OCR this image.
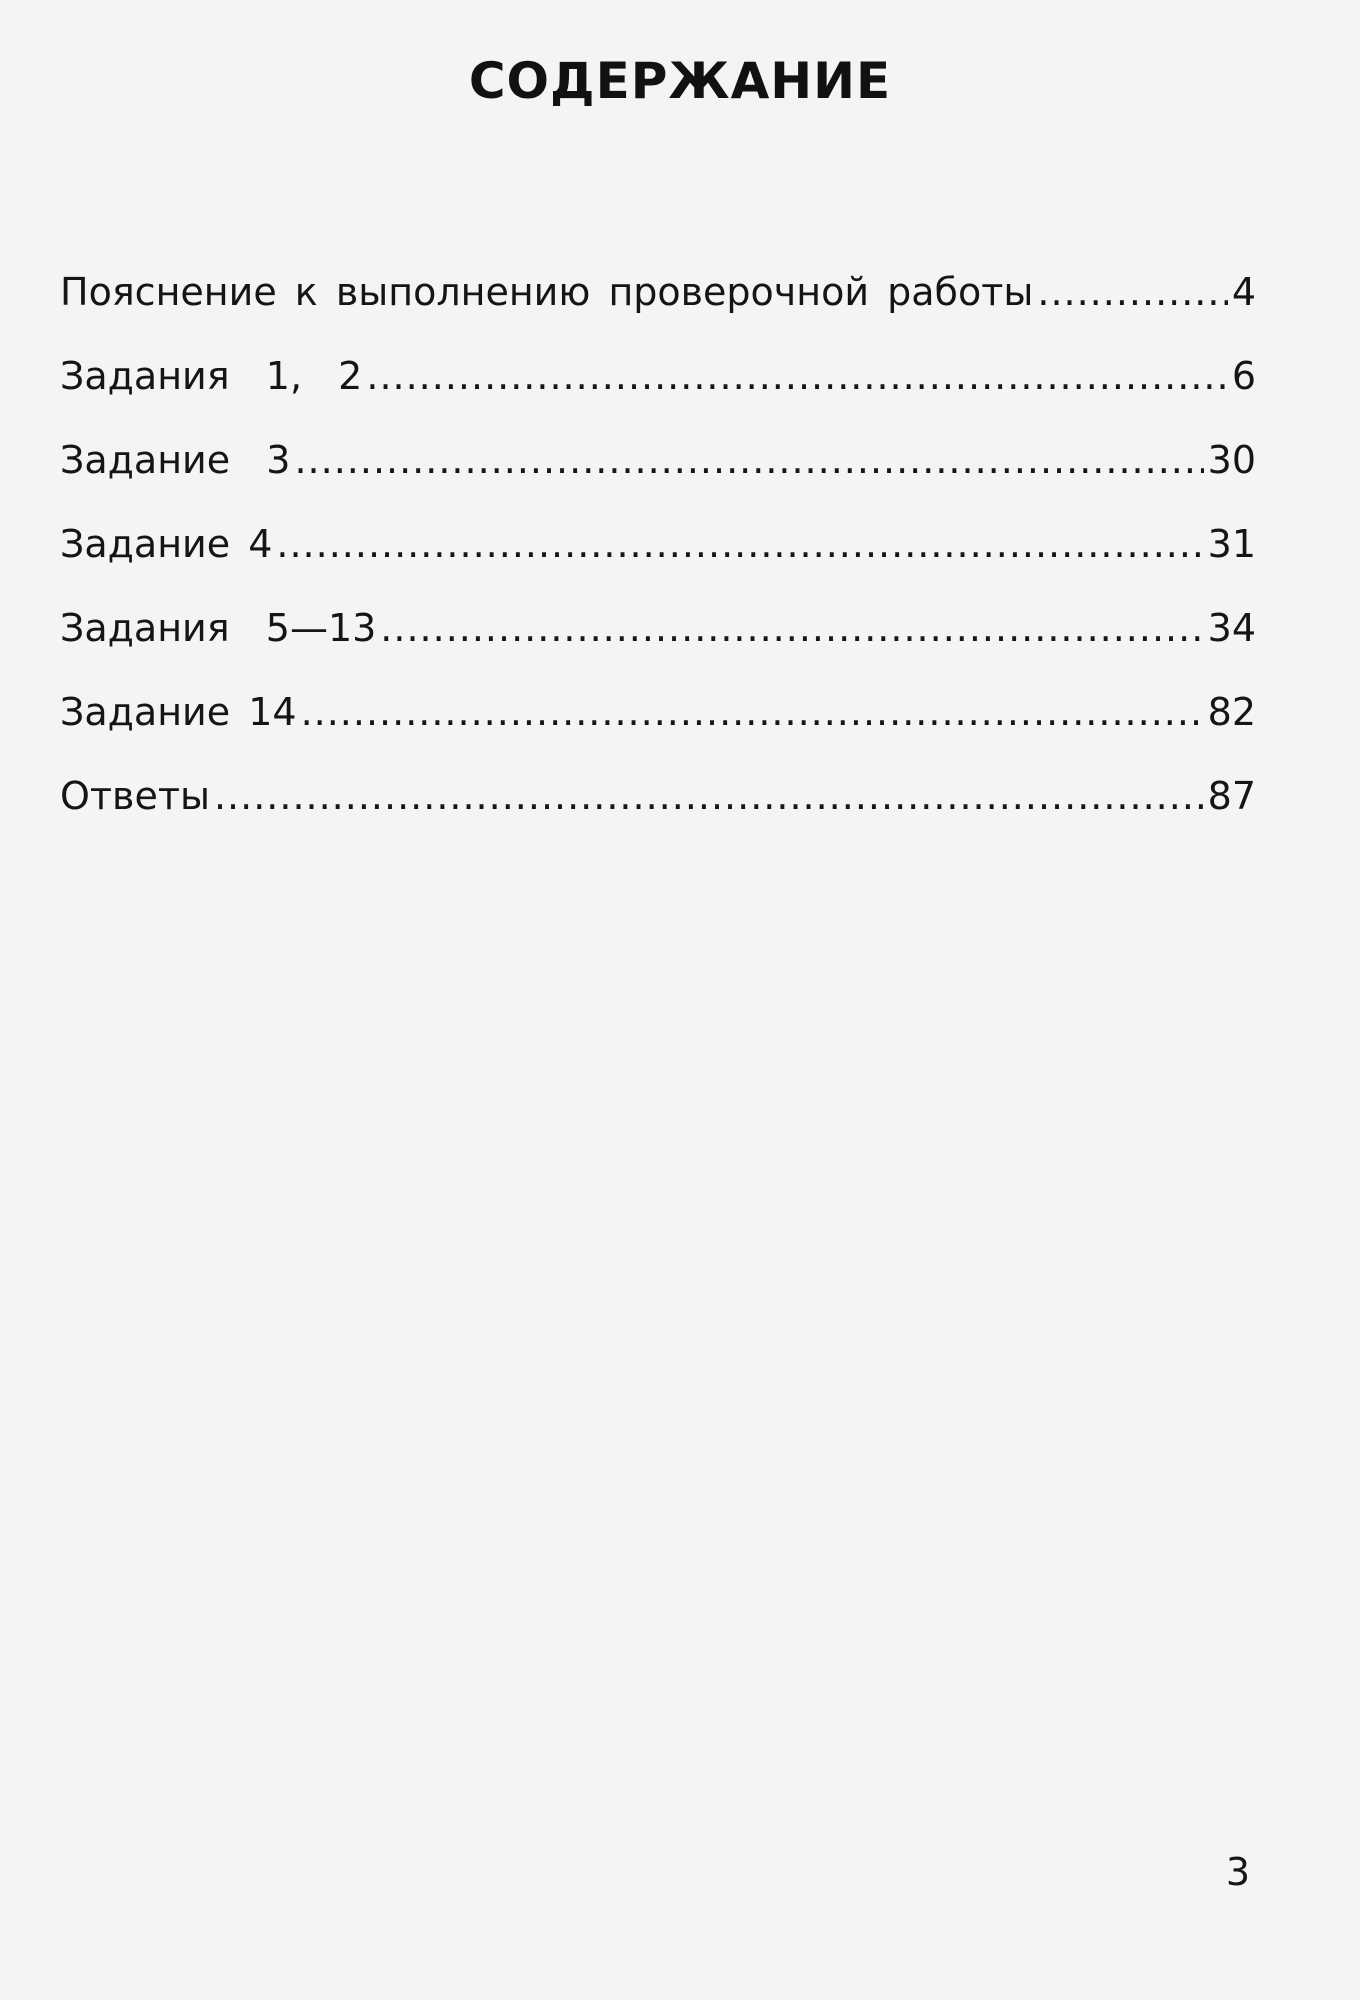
СОДЕРЖАНИЕ
Пояснение к выполнению проверочной работы .....	4
Задания  1,  2 .....	6
Задание  3 .....	30
Задание 4 .....	31
Задания  5—13 .....	34
Задание 14 .....	82
Ответы .....	87
3
